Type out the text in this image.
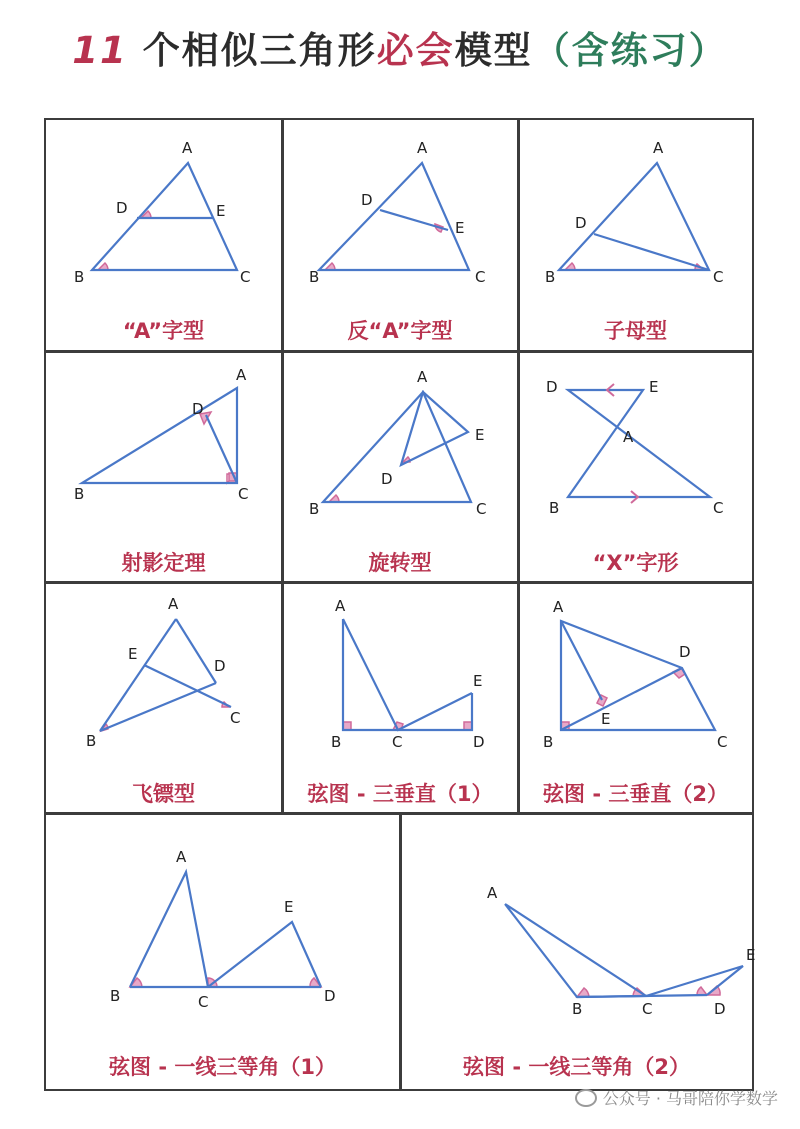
11 个相似三角形必会模型（含练习）
A
D	E
B	C
“A”字型
A
D
E
B	C
反“A”字型
A
D
B	C
子母型
D
A
B	C
射影定理
A
E
D
B	C
旋转型
D	E
A
B	C
“X”字形
A
E
D
C
B
飞镖型
A
E
B	C	D
弦图 - 三垂直（1）
A
D
E
B	C
弦图 - 三垂直（2）
A
E
B	C	D
弦图 - 一线三等角（1）
A
E
B	C	D
弦图 - 一线三等角（2）
公众号 · 马哥陪你学数学
